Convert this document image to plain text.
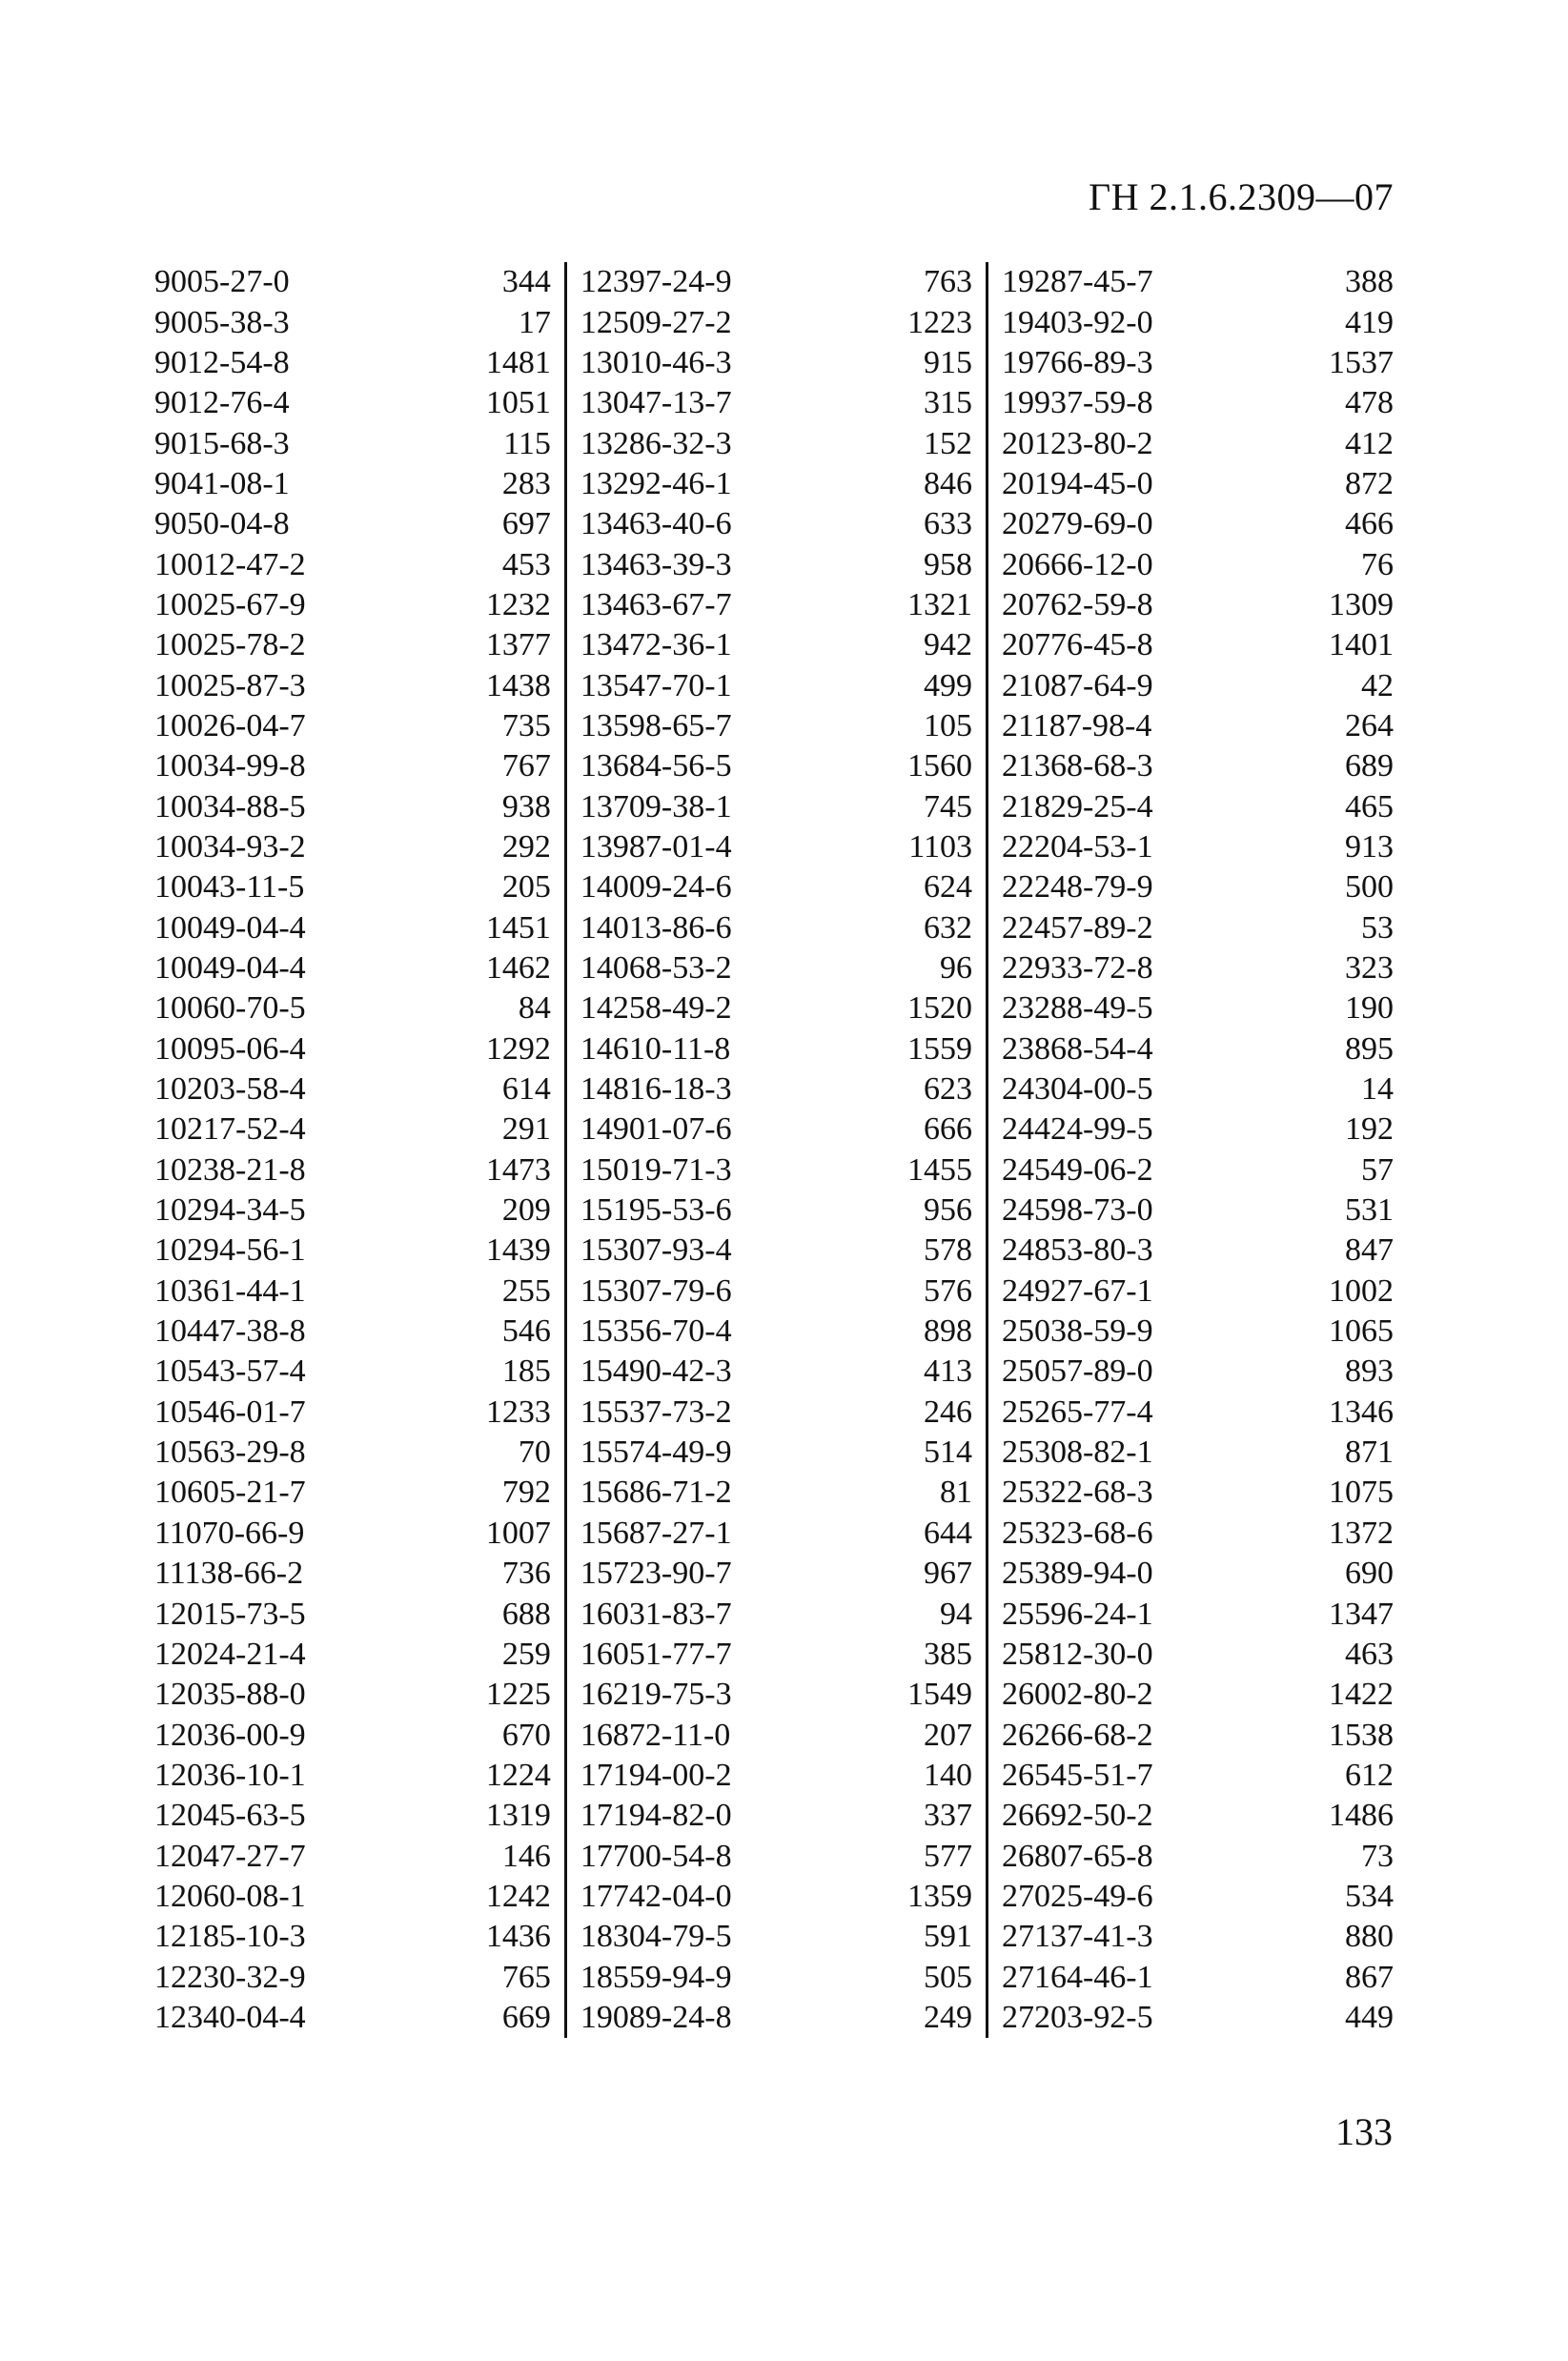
ГН 2.1.6.2309—07
9005-27-0	344
9005-38-3	17
9012-54-8	1481
9012-76-4	1051
9015-68-3	115
9041-08-1	283
9050-04-8	697
10012-47-2	453
10025-67-9	1232
10025-78-2	1377
10025-87-3	1438
10026-04-7	735
10034-99-8	767
10034-88-5	938
10034-93-2	292
10043-11-5	205
10049-04-4	1451
10049-04-4	1462
10060-70-5	84
10095-06-4	1292
10203-58-4	614
10217-52-4	291
10238-21-8	1473
10294-34-5	209
10294-56-1	1439
10361-44-1	255
10447-38-8	546
10543-57-4	185
10546-01-7	1233
10563-29-8	70
10605-21-7	792
11070-66-9	1007
11138-66-2	736
12015-73-5	688
12024-21-4	259
12035-88-0	1225
12036-00-9	670
12036-10-1	1224
12045-63-5	1319
12047-27-7	146
12060-08-1	1242
12185-10-3	1436
12230-32-9	765
12340-04-4	669
12397-24-9	763
12509-27-2	1223
13010-46-3	915
13047-13-7	315
13286-32-3	152
13292-46-1	846
13463-40-6	633
13463-39-3	958
13463-67-7	1321
13472-36-1	942
13547-70-1	499
13598-65-7	105
13684-56-5	1560
13709-38-1	745
13987-01-4	1103
14009-24-6	624
14013-86-6	632
14068-53-2	96
14258-49-2	1520
14610-11-8	1559
14816-18-3	623
14901-07-6	666
15019-71-3	1455
15195-53-6	956
15307-93-4	578
15307-79-6	576
15356-70-4	898
15490-42-3	413
15537-73-2	246
15574-49-9	514
15686-71-2	81
15687-27-1	644
15723-90-7	967
16031-83-7	94
16051-77-7	385
16219-75-3	1549
16872-11-0	207
17194-00-2	140
17194-82-0	337
17700-54-8	577
17742-04-0	1359
18304-79-5	591
18559-94-9	505
19089-24-8	249
19287-45-7	388
19403-92-0	419
19766-89-3	1537
19937-59-8	478
20123-80-2	412
20194-45-0	872
20279-69-0	466
20666-12-0	76
20762-59-8	1309
20776-45-8	1401
21087-64-9	42
21187-98-4	264
21368-68-3	689
21829-25-4	465
22204-53-1	913
22248-79-9	500
22457-89-2	53
22933-72-8	323
23288-49-5	190
23868-54-4	895
24304-00-5	14
24424-99-5	192
24549-06-2	57
24598-73-0	531
24853-80-3	847
24927-67-1	1002
25038-59-9	1065
25057-89-0	893
25265-77-4	1346
25308-82-1	871
25322-68-3	1075
25323-68-6	1372
25389-94-0	690
25596-24-1	1347
25812-30-0	463
26002-80-2	1422
26266-68-2	1538
26545-51-7	612
26692-50-2	1486
26807-65-8	73
27025-49-6	534
27137-41-3	880
27164-46-1	867
27203-92-5	449
133
